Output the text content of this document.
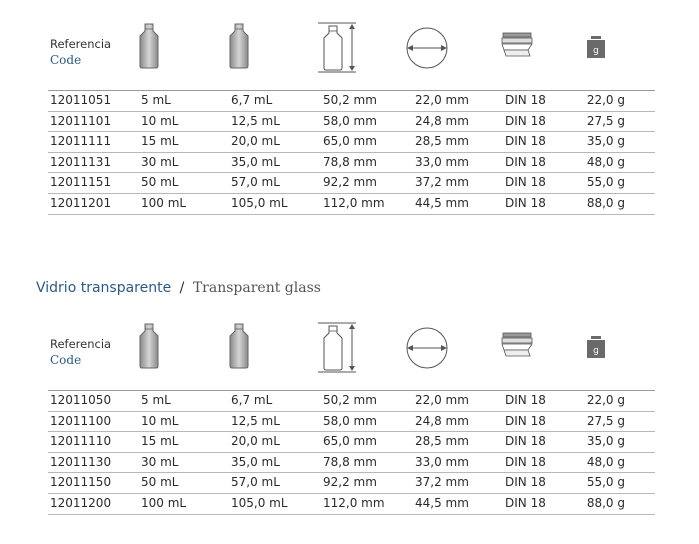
Referencia
Code
g
12011051 5 mL	6,7 mL	50,2 mm	22,0 mm	DIN 18	22,0 g
12011101 10 mL	12,5 mL	58,0 mm	24,8 mm	DIN 18	27,5 g
12011111 15 mL	20,0 mL	65,0 mm	28,5 mm	DIN 18	35,0 g
12011131 30 mL	35,0 mL	78,8 mm	33,0 mm	DIN 18	48,0 g
12011151 50 mL	57,0 mL	92,2 mm	37,2 mm	DIN 18	55,0 g
12011201 100 mL	105,0 mL	112,0 mm	44,5 mm	DIN 18	88,0 g
Vidrio transparente / Transparent glass
Referencia
Code
g
12011050 5 mL	6,7 mL	50,2 mm	22,0 mm	DIN 18	22,0 g
12011100 10 mL	12,5 mL	58,0 mm	24,8 mm	DIN 18	27,5 g
12011110 15 mL	20,0 mL	65,0 mm	28,5 mm	DIN 18	35,0 g
12011130 30 mL	35,0 mL	78,8 mm	33,0 mm	DIN 18	48,0 g
12011150 50 mL	57,0 mL	92,2 mm	37,2 mm	DIN 18	55,0 g
12011200 100 mL	105,0 mL	112,0 mm	44,5 mm	DIN 18	88,0 g
